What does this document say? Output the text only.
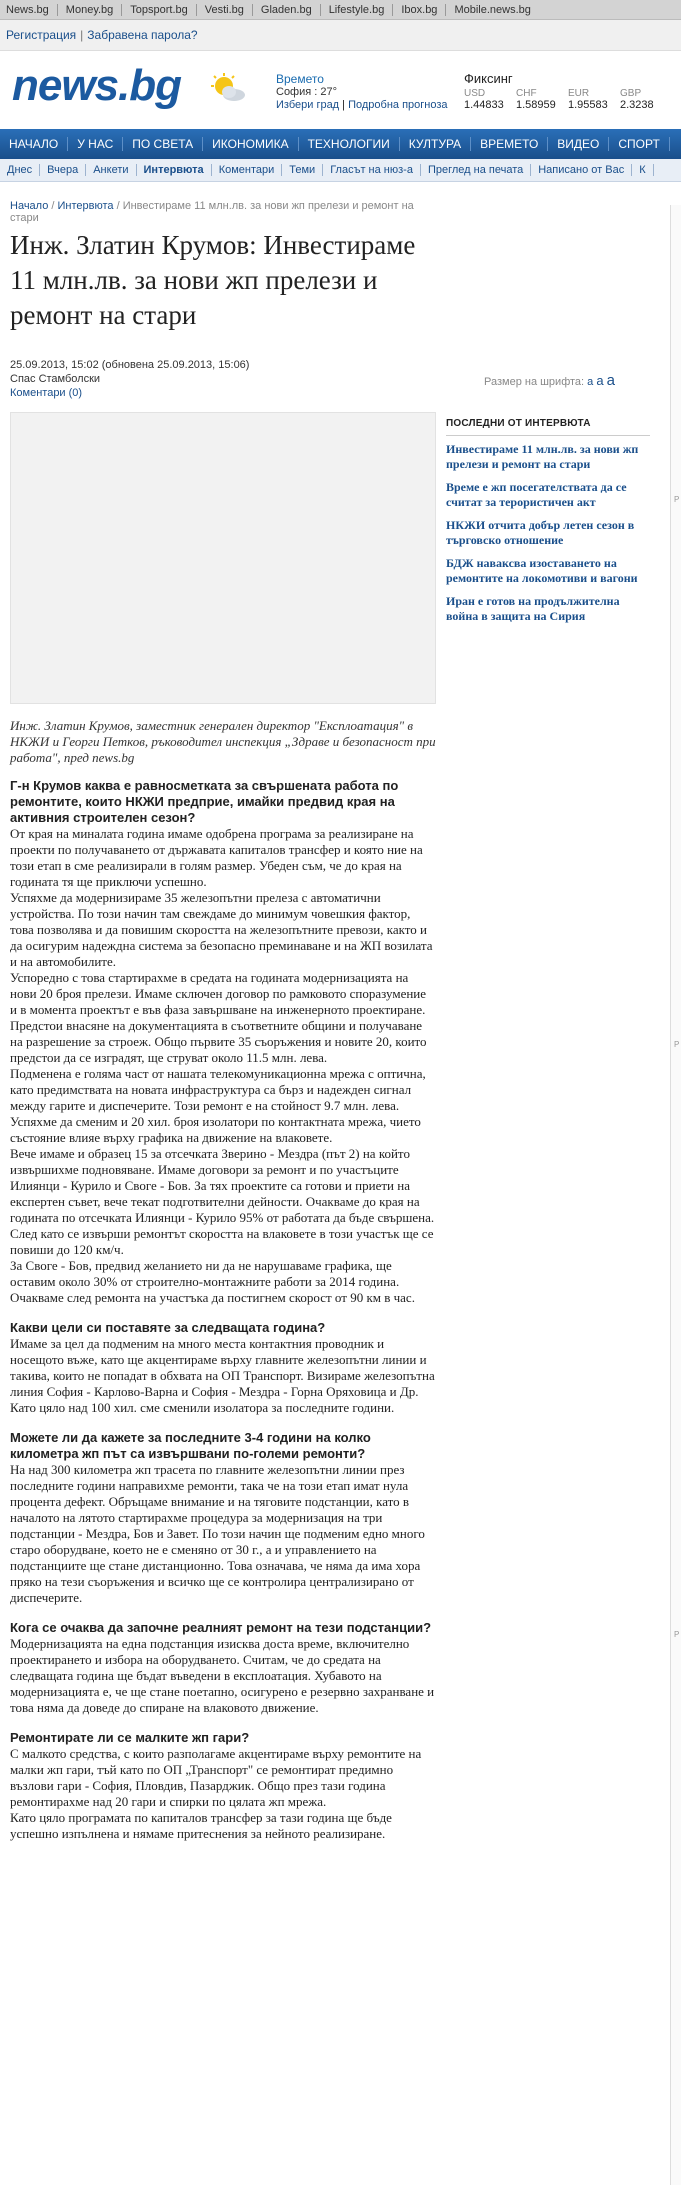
News.bg	Money.bg	Topsport.bg	Vesti.bg	Gladen.bg	Lifestyle.bg	Ibox.bg	Mobile.news.bg
Регистрация | Забравена парола?
news.bg	Времето
София : 27°
Избери град | Подробна прогноза
Фиксинг
USD	CHF	EUR	GBP
1.44833	1.58959	1.95583	2.3238
НАЧАЛО	У НАС	ПО СВЕТА	ИКОНОМИКА	ТЕХНОЛОГИИ	КУЛТУРА	ВРЕМЕТО	ВИДЕО	СПОРТ
Днес	Вчера	Анкети	Интервюта	Коментари	Теми	Гласът на нюз-а	Преглед на печата	Написано от Вас	К
Начало / Интервюта / Инвестираме 11 млн.лв. за нови жп прелези и ремонт на стари
Инж. Златин Крумов: Инвестираме 11 млн.лв. за нови жп прелези и ремонт на стари
25.09.2013, 15:02 (обновена 25.09.2013, 15:06)
Спас Стамболски
Коментари (0)
Размер на шрифта: a a a
Инж. Златин Крумов, заместник генерален директор "Експлоатация" в НКЖИ и Георги Петков, ръководител инспекция „Здраве и безопасност при работа", пред news.bg
Г-н Крумов каква е равносметката за свършената работа по ремонтите, които НКЖИ предприе, имайки предвид края на активния строителен сезон?

От края на миналата година имаме одобрена програма за реализиране на проекти по получаването от държавата капиталов трансфер и която ние на този етап в сме реализирали в голям размер. Убеден съм, че до края на годината тя ще приключи успешно.

Успяхме да модернизираме 35 железопътни прелеза с автоматични устройства. По този начин там свеждаме до минимум човешкия фактор, това позволява и да повишим скоростта на железопътните превози, както и да осигурим надеждна система за безопасно преминаване и на ЖП возилата и на автомобилите.

Успоредно с това стартирахме в средата на годината модернизацията на нови 20 броя прелези. Имаме сключен договор по рамковото споразумение и в момента проектът е във фаза завършване на инженерното проектиране. Предстои внасяне на документацията в съответните общини и получаване на разрешение за строеж. Общо първите 35 съоръжения и новите 20, които предстои да се изградят, ще струват около 11.5 млн. лева.

Подменена е голяма част от нашата телекомуникационна мрежа с оптична, като предимствата на новата инфраструктура са бърз и надежден сигнал между гарите и диспечерите. Този ремонт е на стойност 9.7 млн. лева.

Успяхме да сменим и 20 хил. броя изолатори по контактната мрежа, чието състояние влияе върху графика на движение на влаковете.

Вече имаме и образец 15 за отсечката Зверино - Мездра (път 2) на който извършихме подновяване. Имаме договори за ремонт и по участъците Илиянци - Курило и Своге - Бов. За тях проектите са готови и приети на експертен съвет, вече текат подготвителни дейности. Очакваме до края на годината по отсечката Илиянци - Курило 95% от работата да бъде свършена. След като се извърши ремонтът скоростта на влаковете в този участък ще се повиши до 120 км/ч.

За Своге - Бов, предвид желанието ни да не нарушаваме графика, ще оставим около 30% от строително-монтажните работи за 2014 година. Очакваме след ремонта на участъка да постигнем скорост от 90 км в час.

Какви цели си поставяте за следващата година?

Имаме за цел да подменим на много места контактния проводник и носещото въже, като ще акцентираме върху главните железопътни линии и такива, които не попадат в обхвата на ОП Транспорт. Визираме железопътна линия София - Карлово-Варна и София - Мездра - Горна Оряховица и Др. Като цяло над 100 хил. сме сменили изолатора за последните години.

Можете ли да кажете за последните 3-4 години на колко километра жп път са извършвани по-големи ремонти?

На над 300 километра жп трасета по главните железопътни линии през последните години направихме ремонти, така че на този етап имат нула процента дефект. Обръщаме внимание и на тяговите подстанции, като в началото на лятото стартирахме процедура за модернизация на три подстанции - Мездра, Бов и Завет. По този начин ще подменим едно много старо оборудване, което не е сменяно от 30 г., а и управлението на подстанциите ще стане дистанционно. Това означава, че няма да има хора пряко на тези съоръжения и всичко ще се контролира централизирано от диспечерите.

Кога се очаква да започне реалният ремонт на тези подстанции?

Модернизацията на една подстанция изисква доста време, включително проектирането и избора на оборудването. Считам, че до средата на следващата година ще бъдат въведени в експлоатация. Хубавото на модернизацията е, че ще стане поетапно, осигурено е резервно захранване и това няма да доведе до спиране на влаковото движение.

Ремонтирате ли се малките жп гари?

С малкото средства, с които разполагаме акцентираме върху ремонтите на малки жп гари, тъй като по ОП „Транспорт" се ремонтират предимно възлови гари - София, Пловдив, Пазарджик. Общо през тази година ремонтирахме над 20 гари и спирки по цялата жп мрежа.

Като цяло програмата по капиталов трансфер за тази година ще бъде успешно изпълнена и нямаме притеснения за нейното реализиране.

ПОСЛЕДНИ ОТ ИНТЕРВЮТА
Инвестираме 11 млн.лв. за нови жп прелези и ремонт на стари
Време е жп посегателствата да се считат за терористичен акт
НКЖИ отчита добър летен сезон в търговско отношение
БДЖ наваксва изоставането на ремонтите на локомотиви и вагони
Иран е готов на продължителна война в защита на Сирия
P
P
P
